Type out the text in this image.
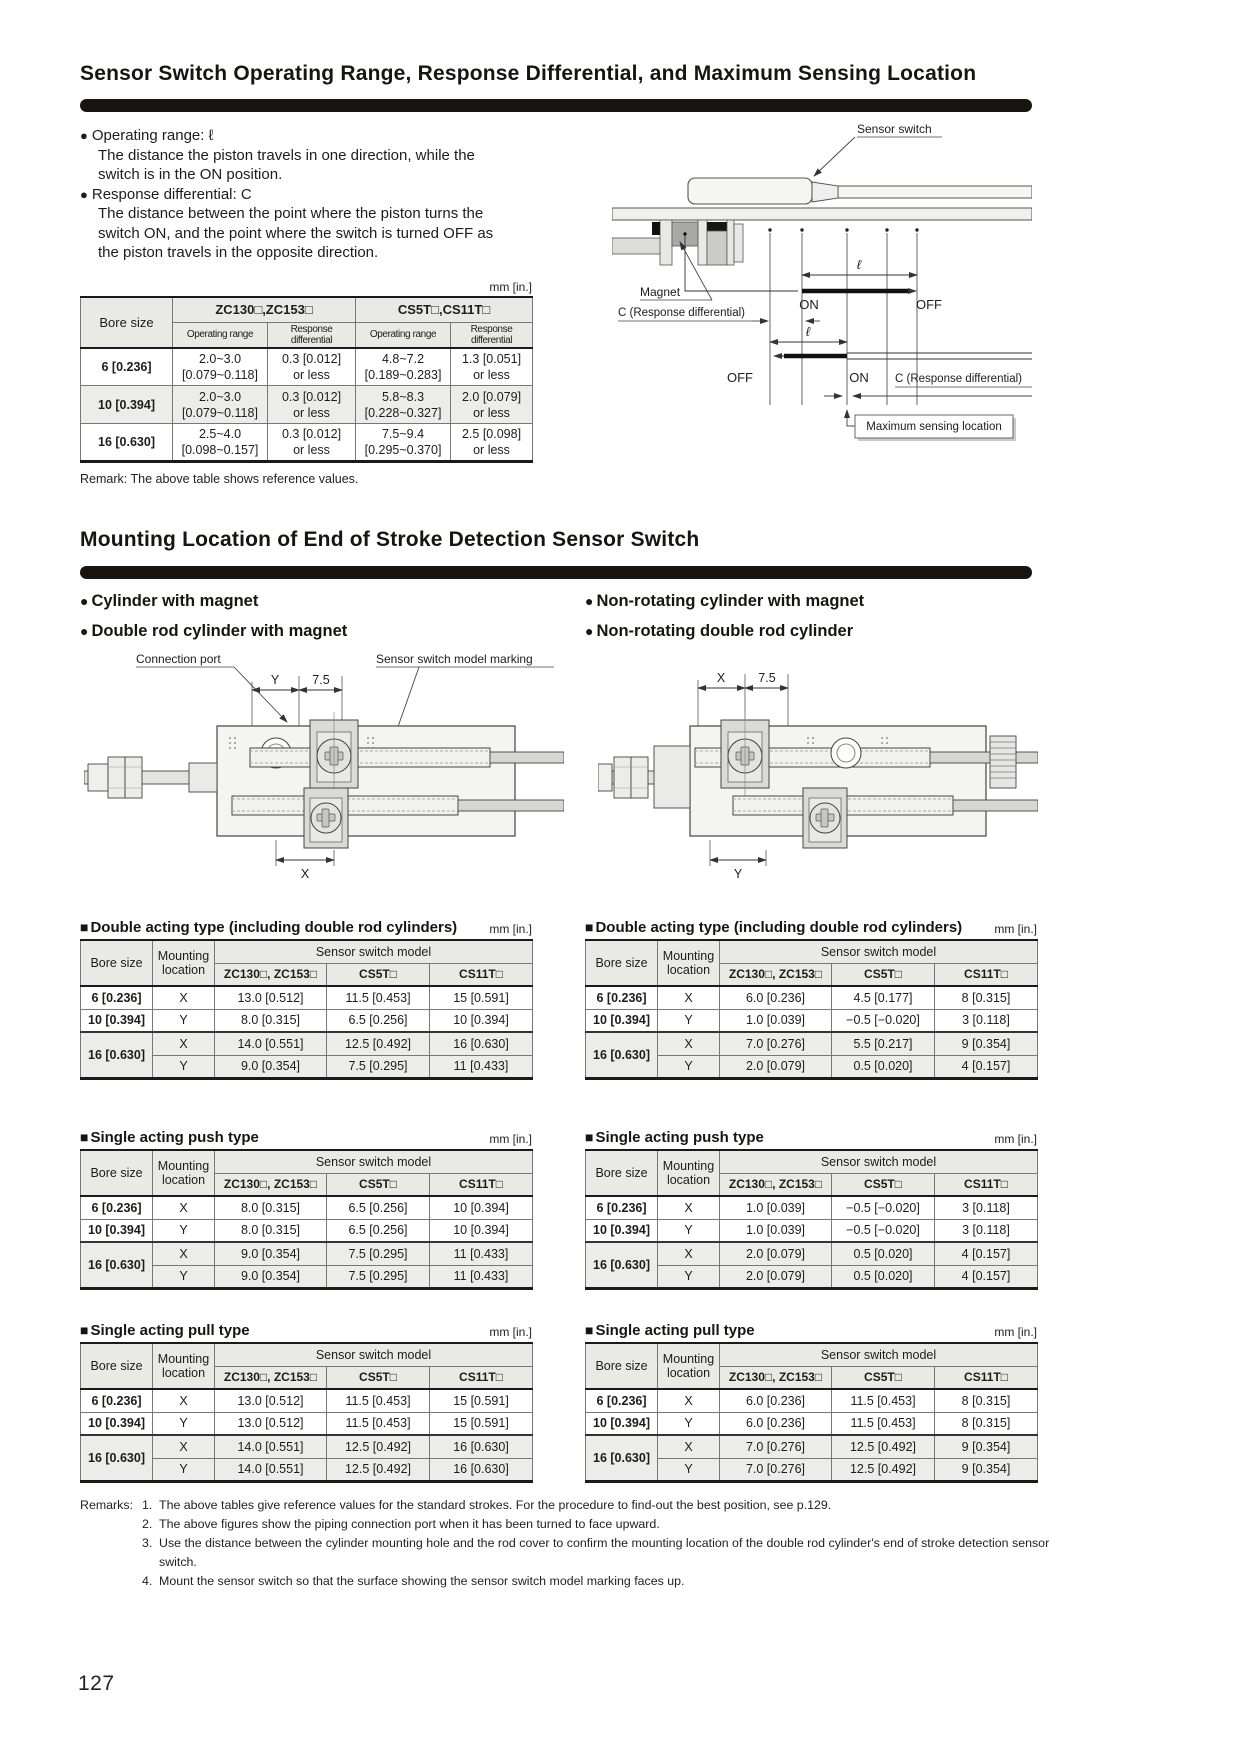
Sensor Switch Operating Range, Response Differential, and Maximum Sensing Location
● Operating range: ℓ
The distance the piston travels in one direction, while the
switch is in the ON position.
● Response differential: C
The distance between the point where the piston turns the
switch ON, and the point where the switch is turned OFF as
the piston travels in the opposite direction.
Sensor switch
ℓ
ON	OFF
C (Response differential)
ℓ
OFF	ON C (Response differential)
Magnet
Maximum sensing location
mm [in.]
Bore size	ZC130□,ZC153□		CS5T□,CS11T□	
	Operating range	Response differential	Operating range	Response differential
6 [0.236]	
2.0~3.0
[0.079~0.118]

0.3 [0.012]
or less

4.8~7.2
[0.189~0.283]

1.3 [0.051]
or less

10 [0.394]	
2.0~3.0
[0.079~0.118]

0.3 [0.012]
or less

5.8~8.3
[0.228~0.327]

2.0 [0.079]
or less

16 [0.630]	
2.5~4.0
[0.098~0.157]

0.3 [0.012]
or less

7.5~9.4
[0.295~0.370]

2.5 [0.098]
or less
Remark: The above table shows reference values.
Mounting Location of End of Stroke Detection Sensor Switch
● Cylinder with magnet
● Double rod cylinder with magnet
● Non-rotating cylinder with magnet
● Non-rotating double rod cylinder
Connection port	Sensor switch model marking
Y	7.5
X
X	7.5
Y
■ Double acting type (including double rod cylinders)	mm [in.]
Bore size	Mounting location	Sensor switch model		
		ZC130□, ZC153□	CS5T□	CS11T□
6 [0.236]	X	13.0 [0.512]	11.5 [0.453]	15 [0.591]
10 [0.394]	Y	8.0 [0.315]	6.5 [0.256]	10 [0.394]
16 [0.630]	X	14.0 [0.551]	12.5 [0.492]	16 [0.630]
	Y	9.0 [0.354]	7.5 [0.295]	11 [0.433]
■ Double acting type (including double rod cylinders)	mm [in.]
Bore size	Mounting location	Sensor switch model		
		ZC130□, ZC153□	CS5T□	CS11T□
6 [0.236]	X	6.0 [0.236]	4.5 [0.177]	8 [0.315]
10 [0.394]	Y	1.0 [0.039]	−0.5 [−0.020]	3 [0.118]
16 [0.630]	X	7.0 [0.276]	5.5 [0.217]	9 [0.354]
	Y	2.0 [0.079]	0.5 [0.020]	4 [0.157]
■ Single acting push type	mm [in.]
Bore size	Mounting location	Sensor switch model		
		ZC130□, ZC153□	CS5T□	CS11T□
6 [0.236]	X	8.0 [0.315]	6.5 [0.256]	10 [0.394]
10 [0.394]	Y	8.0 [0.315]	6.5 [0.256]	10 [0.394]
16 [0.630]	X	9.0 [0.354]	7.5 [0.295]	11 [0.433]
	Y	9.0 [0.354]	7.5 [0.295]	11 [0.433]
■ Single acting push type	mm [in.]
Bore size	Mounting location	Sensor switch model		
		ZC130□, ZC153□	CS5T□	CS11T□
6 [0.236]	X	1.0 [0.039]	−0.5 [−0.020]	3 [0.118]
10 [0.394]	Y	1.0 [0.039]	−0.5 [−0.020]	3 [0.118]
16 [0.630]	X	2.0 [0.079]	0.5 [0.020]	4 [0.157]
	Y	2.0 [0.079]	0.5 [0.020]	4 [0.157]
■ Single acting pull type	mm [in.]
Bore size	Mounting location	Sensor switch model		
		ZC130□, ZC153□	CS5T□	CS11T□
6 [0.236]	X	13.0 [0.512]	11.5 [0.453]	15 [0.591]
10 [0.394]	Y	13.0 [0.512]	11.5 [0.453]	15 [0.591]
16 [0.630]	X	14.0 [0.551]	12.5 [0.492]	16 [0.630]
	Y	14.0 [0.551]	12.5 [0.492]	16 [0.630]
■ Single acting pull type	mm [in.]
Bore size	Mounting location	Sensor switch model		
		ZC130□, ZC153□	CS5T□	CS11T□
6 [0.236]	X	6.0 [0.236]	11.5 [0.453]	8 [0.315]
10 [0.394]	Y	6.0 [0.236]	11.5 [0.453]	8 [0.315]
16 [0.630]	X	7.0 [0.276]	12.5 [0.492]	9 [0.354]
	Y	7.0 [0.276]	12.5 [0.492]	9 [0.354]
Remarks: 1. The above tables give reference values for the standard strokes. For the procedure to find-out the best position, see p.129.
2. The above figures show the piping connection port when it has been turned to face upward.
3. Use the distance between the cylinder mounting hole and the rod cover to confirm the mounting location of the double rod cylinder's end of stroke detection sensor switch.
4. Mount the sensor switch so that the surface showing the sensor switch model marking faces up.
127
